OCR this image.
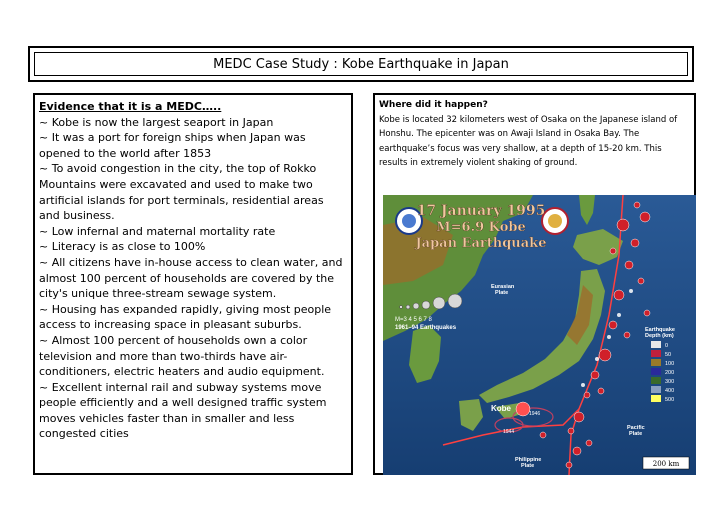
MEDC Case Study : Kobe Earthquake in Japan
Evidence that it is a MEDC…..
~ Kobe is now the largest seaport in Japan
~ It was a port for foreign ships when Japan was opened to the world after 1853
~ To avoid congestion in the city, the top of Rokko Mountains were excavated and used to make two artificial islands for port terminals, residential areas and business.
~ Low infernal and maternal mortality rate
~ Literacy is as close to 100%
~ All citizens have in-house access to clean water, and almost 100 percent of households are covered by the city's unique three-stream sewage system.
~ Housing has expanded rapidly, giving most people access to increasing space in pleasant suburbs.
~ Almost 100 percent of households own a color television and more than two-thirds have air-conditioners, electric heaters and audio equipment.
~ Excellent internal rail and subway systems move people efficiently and a well designed traffic system moves vehicles faster than in smaller and less congested cities
Where did it happen?
Kobe is located 32 kilometers west of Osaka on the Japanese island of Honshu. The epicenter was on Awaji Island in Osaka Bay. The earthquake’s focus was very shallow, at a depth of 15-20 km. This results in extremely violent shaking of ground.
17 January 1995
M=6.9 Kobe
Japan Earthquake
M=3 4 5 6 7 8
1961–94 Earthquakes
Eurasian Plate
Kobe
Philippine Plate
Pacific Plate
1946
1944
Earthquake Depth (km)
0
50
100
200
300
400
500
200 km
